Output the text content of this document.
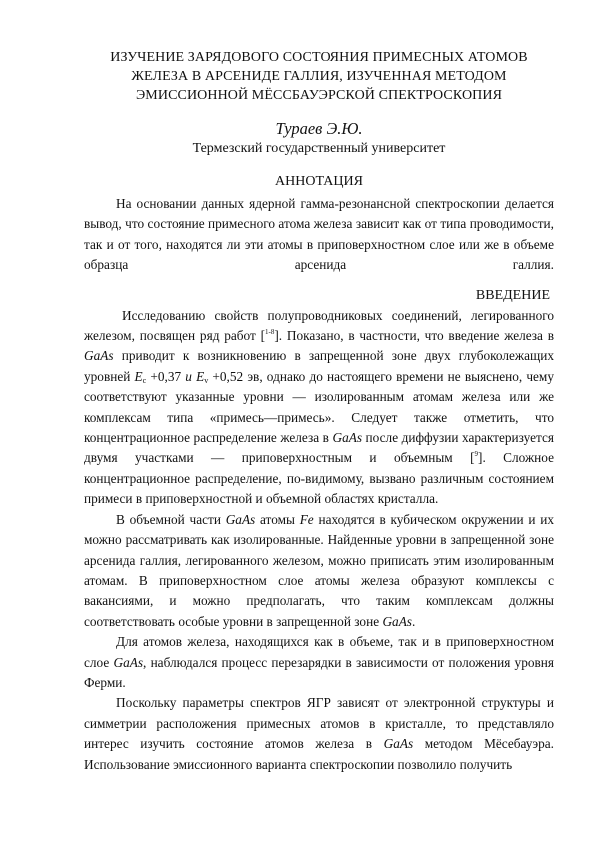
ИЗУЧЕНИЕ ЗАРЯДОВОГО СОСТОЯНИЯ ПРИМЕСНЫХ АТОМОВ
ЖЕЛЕЗА В АРСЕНИДЕ ГАЛЛИЯ, ИЗУЧЕННАЯ МЕТОДОМ
ЭМИССИОННОЙ МЁССБАУЭРСКОЙ СПЕКТРОСКОПИЯ
Тураев Э.Ю.
Термезский государственный университет
АННОТАЦИЯ

На основании данных ядерной гамма-резонансной спектроскопии делается вывод, что состояние примесного атома железа зависит как от типа проводимости, так и от того, находятся ли эти атомы в приповерхностном слое или же в объеме образца арсенида галлия.

ВВЕДЕНИЕ

Исследованию свойств полупроводниковых соединений, легированного железом, посвящен ряд работ [$^{1-8}$]. Показано, в частности, что введение железа в GaAs приводит к возникновению в запрещенной зоне двух глубоколежащих уровней $E_c +0,37$ и $E_v +0,52$ эв, однако до настоящего времени не выяснено, чему соответствуют указанные уровни — изолированным атомам железа или же комплексам типа «примесь—примесь». Следует также отметить, что концентрационное распределение железа в GaAs после диффузии характеризуется двумя участками — приповерхностным и объемным [$^9$]. Сложное концентрационное распределение, по-видимому, вызвано различным состоянием примеси в приповерхностной и объемной областях кристалла.

В объемной части GaAs атомы Fe находятся в кубическом окружении и их можно рассматривать как изолированные. Найденные уровни в запрещенной зоне арсенида галлия, легированного железом, можно приписать этим изолированным атомам. В приповерхностном слое атомы железа образуют комплексы с вакансиями, и можно предполагать, что таким комплексам должны соответствовать особые уровни в запрещенной зоне GaAs.

Для атомов железа, находящихся как в объеме, так и в приповерхностном слое GaAs, наблюдался процесс перезарядки в зависимости от положения уровня Ферми.

Поскольку параметры спектров ЯГР зависят от электронной структуры и симметрии расположения примесных атомов в кристалле, то представляло интерес изучить состояние атомов железа в GaAs методом Мёсебауэра. Использование эмиссионного варианта спектроскопии позволило получить
